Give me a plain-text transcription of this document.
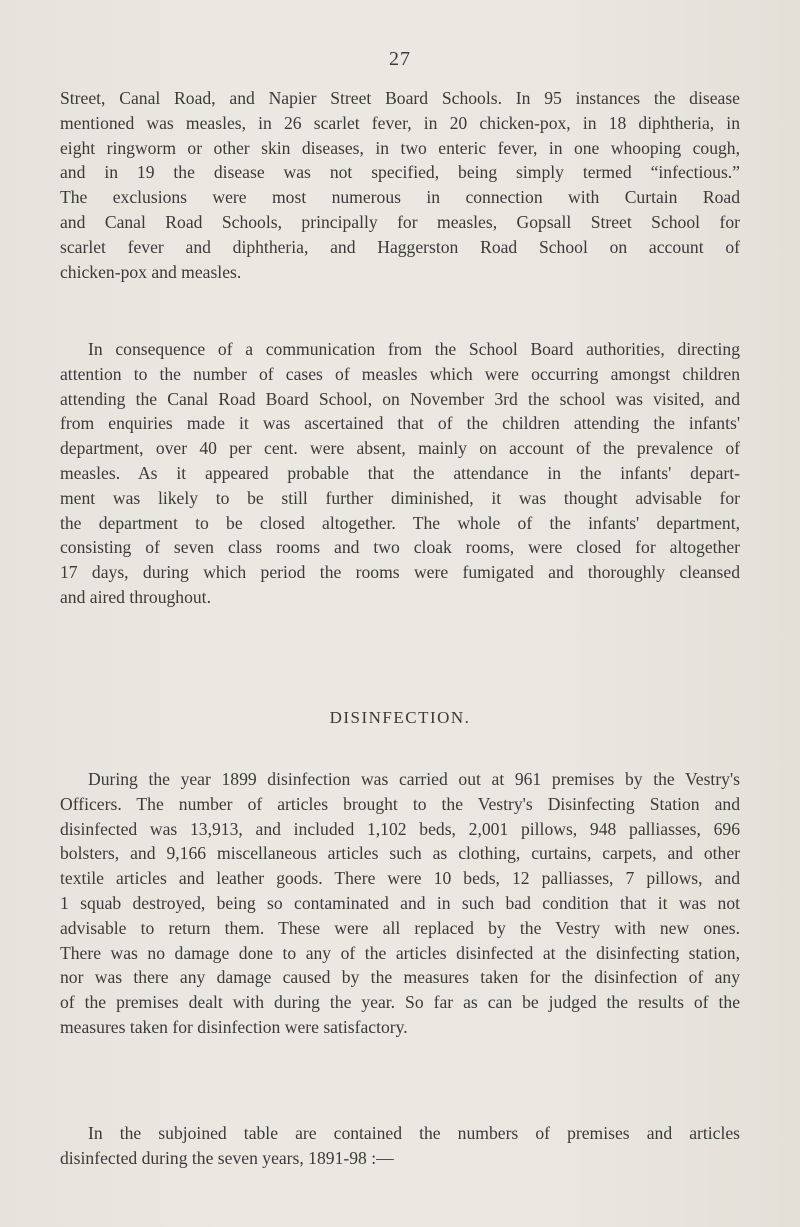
27
Street, Canal Road, and Napier Street Board Schools. In 95 instances the disease
mentioned was measles, in 26 scarlet fever, in 20 chicken-pox, in 18 diphtheria, in
eight ringworm or other skin diseases, in two enteric fever, in one whooping cough,
and in 19 the disease was not specified, being simply termed “infectious.”
The exclusions were most numerous in connection with Curtain Road
and Canal Road Schools, principally for measles, Gopsall Street School for
scarlet fever and diphtheria, and Haggerston Road School on account of
chicken-pox and measles.
In consequence of a communication from the School Board authorities, directing
attention to the number of cases of measles which were occurring amongst children
attending the Canal Road Board School, on November 3rd the school was visited, and
from enquiries made it was ascertained that of the children attending the infants'
department, over 40 per cent. were absent, mainly on account of the prevalence of
measles. As it appeared probable that the attendance in the infants' depart-
ment was likely to be still further diminished, it was thought advisable for
the department to be closed altogether. The whole of the infants' department,
consisting of seven class rooms and two cloak rooms, were closed for altogether
17 days, during which period the rooms were fumigated and thoroughly cleansed
and aired throughout.
DISINFECTION.
During the year 1899 disinfection was carried out at 961 premises by the Vestry's
Officers. The number of articles brought to the Vestry's Disinfecting Station and
disinfected was 13,913, and included 1,102 beds, 2,001 pillows, 948 palliasses, 696
bolsters, and 9,166 miscellaneous articles such as clothing, curtains, carpets, and other
textile articles and leather goods. There were 10 beds, 12 palliasses, 7 pillows, and
1 squab destroyed, being so contaminated and in such bad condition that it was not
advisable to return them. These were all replaced by the Vestry with new ones.
There was no damage done to any of the articles disinfected at the disinfecting station,
nor was there any damage caused by the measures taken for the disinfection of any
of the premises dealt with during the year. So far as can be judged the results of the
measures taken for disinfection were satisfactory.
In the subjoined table are contained the numbers of premises and articles
disinfected during the seven years, 1891-98 :—
